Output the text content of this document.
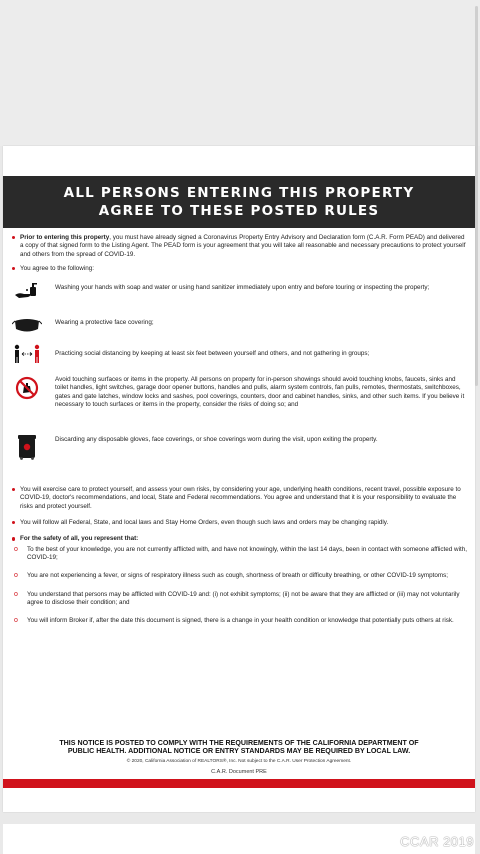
ALL PERSONS ENTERING THIS PROPERTY
AGREE TO THESE POSTED RULES

Prior to entering this property, you must have already signed a Coronavirus Property Entry Advisory and Declaration form (C.A.R. Form PEAD) and delivered a copy of that signed form to the Listing Agent. The PEAD form is your agreement that you will take all reasonable and necessary precautions to protect yourself and others from the spread of COVID-19.

You agree to the following:

Washing your hands with soap and water or using hand sanitizer immediately upon entry and before touring or inspecting the property;
Wearing a protective face covering;
Practicing social distancing by keeping at least six feet between yourself and others, and not gathering in groups;
Avoid touching surfaces or items in the property. All persons on property for in-person showings should avoid touching knobs, faucets, sinks and toilet handles, light switches, garage door opener buttons, handles and pulls, alarm system controls, fan pulls, remotes, thermostats, switchboxes, gates and gate latches, window locks and sashes, pool coverings, counters, door and cabinet handles, sinks, and other such items. If you believe it necessary to touch surfaces or items in the property, consider the risks of doing so; and
Discarding any disposable gloves, face coverings, or shoe coverings worn during the visit, upon exiting the property.

You will exercise care to protect yourself, and assess your own risks, by considering your age, underlying health conditions, recent travel, possible exposure to COVID-19, doctor's recommendations, and local, State and Federal recommendations. You agree and understand that it is your responsibility to evaluate the risks and protect yourself.

You will follow all Federal, State, and local laws and Stay Home Orders, even though such laws and orders may be changing rapidly.

For the safety of all, you represent that:

o To the best of your knowledge, you are not currently afflicted with, and have not knowingly, within the last 14 days, been in contact with someone afflicted with, COVID-19;
o You are not experiencing a fever, or signs of respiratory illness such as cough, shortness of breath or difficulty breathing, or other COVID-19 symptoms;
o You understand that persons may be afflicted with COVID-19 and: (i) not exhibit symptoms; (ii) not be aware that they are afflicted or (iii) may not voluntarily agree to disclose their condition; and
o You will inform Broker if, after the date this document is signed, there is a change in your health condition or knowledge that potentially puts others at risk.
THIS NOTICE IS POSTED TO COMPLY WITH THE REQUIREMENTS OF THE CALIFORNIA DEPARTMENT OF
PUBLIC HEALTH. ADDITIONAL NOTICE OR ENTRY STANDARDS MAY BE REQUIRED BY LOCAL LAW.
© 2020, California Association of REALTORS®, Inc. Not subject to the C.A.R. User Protection Agreement.
C.A.R. Document PRE
CCAR 2019
